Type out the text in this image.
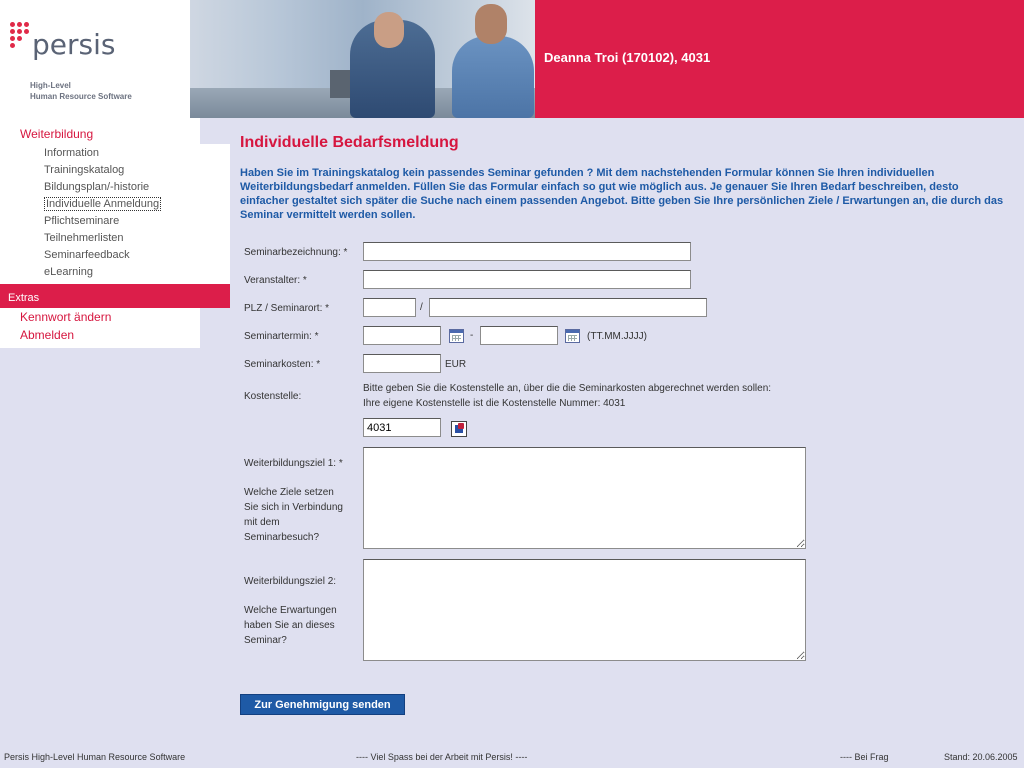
persis
High-Level
Human Resource Software
Deanna Troi (170102), 4031
Weiterbildung
Information
Trainingskatalog
Bildungsplan/-historie
Individuelle Anmeldung
Pflichtseminare
Teilnehmerlisten
Seminarfeedback
eLearning
Extras
Kennwort ändern
Abmelden
Individuelle Bedarfsmeldung
Haben Sie im Trainingskatalog kein passendes Seminar gefunden ? Mit dem nachstehenden Formular können Sie Ihren individuellen Weiterbildungsbedarf anmelden. Füllen Sie das Formular einfach so gut wie möglich aus. Je genauer Sie Ihren Bedarf beschreiben, desto einfacher gestaltet sich später die Suche nach einem passenden Angebot. Bitte geben Sie Ihre persönlichen Ziele / Erwartungen an, die durch das Seminar vermittelt werden sollen.
Seminarbezeichnung: *
Veranstalter: *
PLZ / Seminarort: *	/
Seminartermin: *	-	(TT.MM.JJJJ)
Seminarkosten: *	EUR
Kostenstelle:
Bitte geben Sie die Kostenstelle an, über die die Seminarkosten abgerechnet werden sollen:
Ihre eigene Kostenstelle ist die Kostenstelle Nummer: 4031
4031
Weiterbildungsziel 1: *
Welche Ziele setzen
Sie sich in Verbindung
mit dem
Seminarbesuch?
Weiterbildungsziel 2:
Welche Erwartungen
haben Sie an dieses
Seminar?
Zur Genehmigung senden
Persis High-Level Human Resource Software	---- Viel Spass bei der Arbeit mit Persis! ----	---- Bei Frag	Stand: 20.06.2005
